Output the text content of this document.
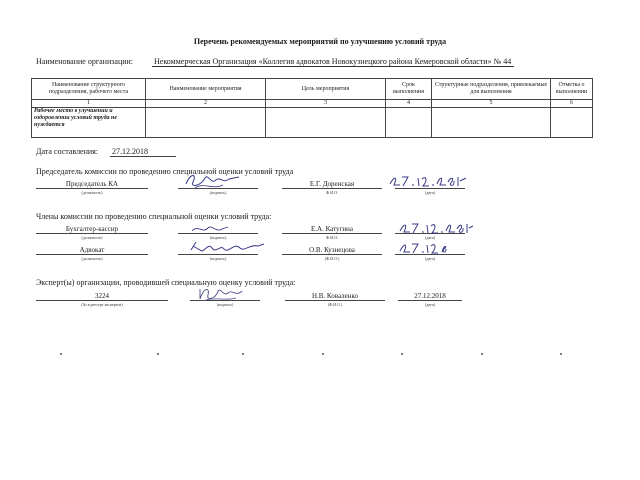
Перечень рекомендуемых мероприятий по улучшению условий труда
Наименование организации:	Некоммерческая Организация «Коллегия адвокатов Новокузнецкого района Кемеровской области» № 44
Наименование структурного подразделения, рабочего места	Наименование мероприятия	Цель мероприятия	Срок выполнения	Структурные подразделения, привлекаемые для выполнения	Отметка о выполнении
1	2	3	4	5	6
Рабочее место в улучшении и оздоровлении условий труда не нуждается					
Дата составления: 27.12.2018
Председатель комиссии по проведению специальной оценки условий труда
Председатель КА
(должность)	(подпись)
Е.Г. Доренская
Ф.И.О.	(дата)
Члены комиссии по проведению специальной оценки условий труда:
Бухгалтер-кассир
(должность)	(подпись)
Е.А. Катугина
Ф.И.О.	(дата)
Адвокат
(должность)	(подпись)
О.В. Кузнецова
(Ф.И.О.)	(дата)
Эксперт(ы) организации, проводившей специальную оценку условий труда:
3224
(№ в реестре экспертов)	(подпись)
Н.В. Коваленко
(Ф.И.О.)
27.12.2018
(дата)
